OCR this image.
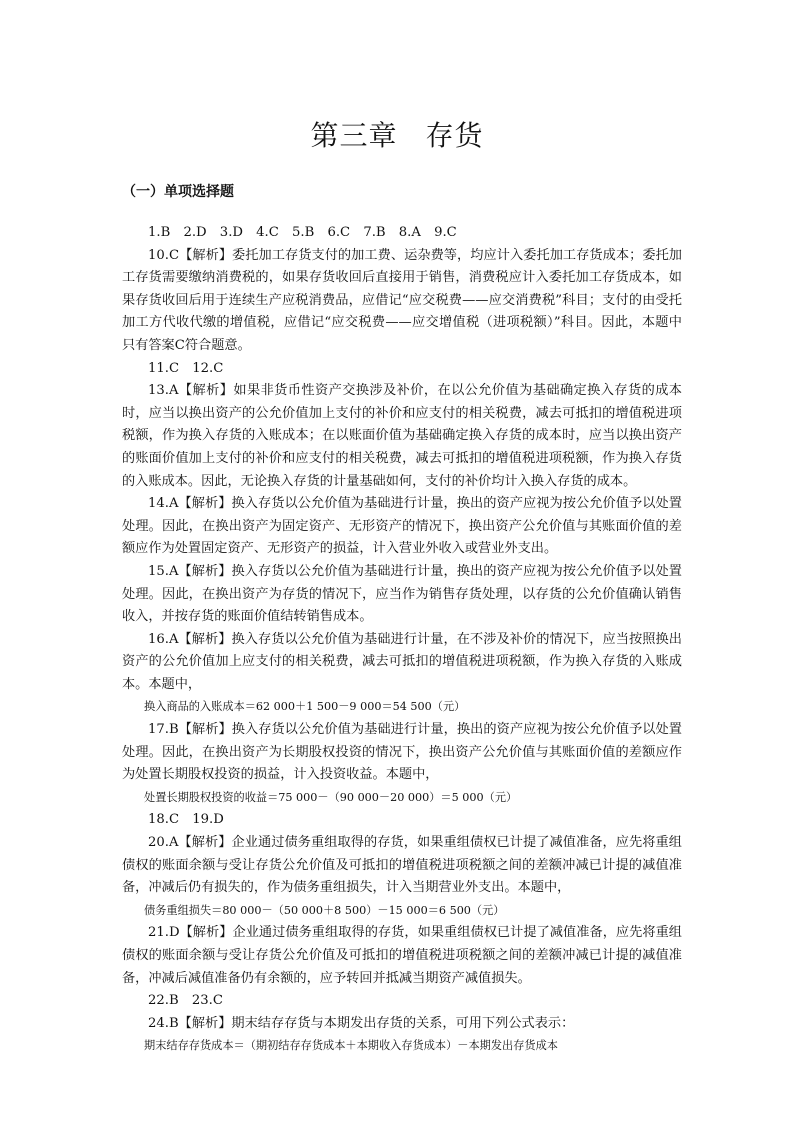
第三章 存货
（一）单项选择题

1.B　2.D　3.D　4.C　5.B　6.C　7.B　8.A　9.C

10.C【解析】委托加工存货支付的加工费、运杂费等，均应计入委托加工存货成本；委托加工存货需要缴纳消费税的，如果存货收回后直接用于销售，消费税应计入委托加工存货成本，如果存货收回后用于连续生产应税消费品，应借记“应交税费——应交消费税”科目；支付的由受托加工方代收代缴的增值税，应借记“应交税费——应交增值税（进项税额）”科目。因此，本题中只有答案C符合题意。

11.C　12.C

13.A【解析】如果非货币性资产交换涉及补价，在以公允价值为基础确定换入存货的成本时，应当以换出资产的公允价值加上支付的补价和应支付的相关税费，减去可抵扣的增值税进项税额，作为换入存货的入账成本；在以账面价值为基础确定换入存货的成本时，应当以换出资产的账面价值加上支付的补价和应支付的相关税费，减去可抵扣的增值税进项税额，作为换入存货的入账成本。因此，无论换入存货的计量基础如何，支付的补价均计入换入存货的成本。

14.A【解析】换入存货以公允价值为基础进行计量，换出的资产应视为按公允价值予以处置处理。因此，在换出资产为固定资产、无形资产的情况下，换出资产公允价值与其账面价值的差额应作为处置固定资产、无形资产的损益，计入营业外收入或营业外支出。

15.A【解析】换入存货以公允价值为基础进行计量，换出的资产应视为按公允价值予以处置处理。因此，在换出资产为存货的情况下，应当作为销售存货处理，以存货的公允价值确认销售收入，并按存货的账面价值结转销售成本。

16.A【解析】换入存货以公允价值为基础进行计量，在不涉及补价的情况下，应当按照换出资产的公允价值加上应支付的相关税费，减去可抵扣的增值税进项税额，作为换入存货的入账成本。本题中，

换入商品的入账成本＝62 000＋1 500－9 000＝54 500（元）

17.B【解析】换入存货以公允价值为基础进行计量，换出的资产应视为按公允价值予以处置处理。因此，在换出资产为长期股权投资的情况下，换出资产公允价值与其账面价值的差额应作为处置长期股权投资的损益，计入投资收益。本题中，

处置长期股权投资的收益＝75 000－（90 000－20 000）＝5 000（元）

18.C　19.D

20.A【解析】企业通过债务重组取得的存货，如果重组债权已计提了减值准备，应先将重组债权的账面余额与受让存货公允价值及可抵扣的增值税进项税额之间的差额冲减已计提的减值准备，冲减后仍有损失的，作为债务重组损失，计入当期营业外支出。本题中，

债务重组损失＝80 000－（50 000＋8 500）－15 000＝6 500（元）

21.D【解析】企业通过债务重组取得的存货，如果重组债权已计提了减值准备，应先将重组债权的账面余额与受让存货公允价值及可抵扣的增值税进项税额之间的差额冲减已计提的减值准备，冲减后减值准备仍有余额的，应予转回并抵减当期资产减值损失。

22.B　23.C

24.B【解析】期末结存存货与本期发出存货的关系，可用下列公式表示：

期末结存存货成本＝（期初结存存货成本＋本期收入存货成本）－本期发出存货成本
